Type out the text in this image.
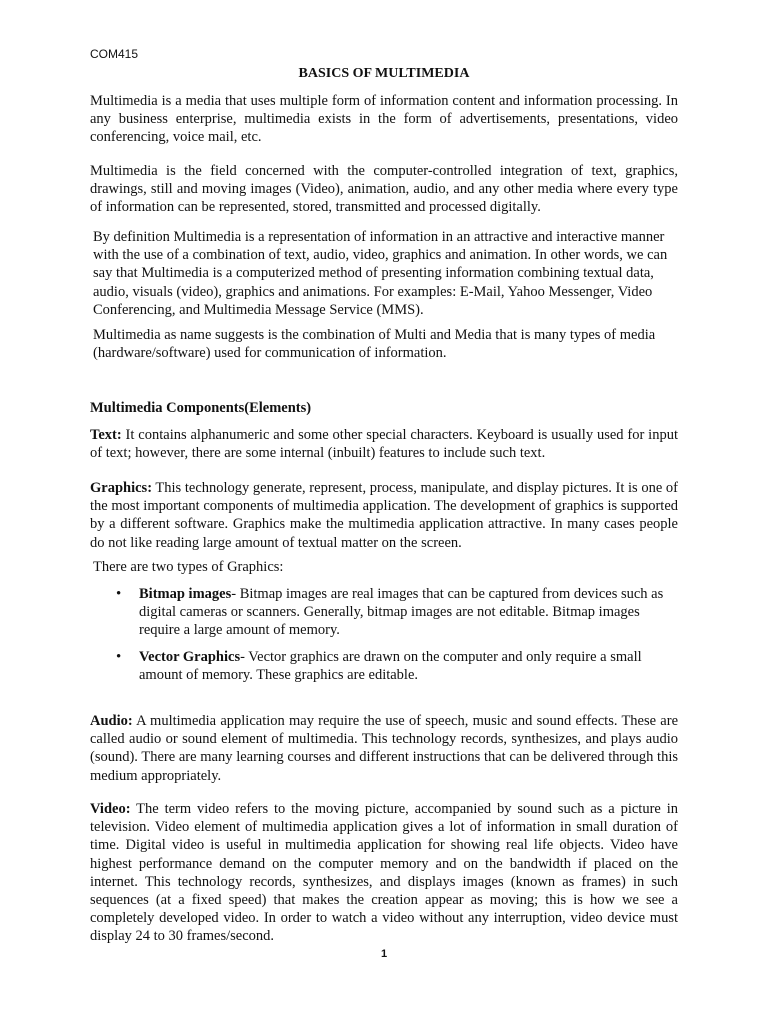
COM415
BASICS OF MULTIMEDIA

Multimedia is a media that uses multiple form of information content and information processing. In any business enterprise, multimedia exists in the form of advertisements, presentations, video conferencing, voice mail, etc.

Multimedia is the field concerned with the computer-controlled integration of text, graphics, drawings, still and moving images (Video), animation, audio, and any other media where every type of information can be represented, stored, transmitted and processed digitally.

By definition Multimedia is a representation of information in an attractive and interactive manner with the use of a combination of text, audio, video, graphics and animation. In other words, we can say that Multimedia is a computerized method of presenting information combining textual data, audio, visuals (video), graphics and animations. For examples: E-Mail, Yahoo Messenger, Video Conferencing, and Multimedia Message Service (MMS).

Multimedia as name suggests is the combination of Multi and Media that is many types of media (hardware/software) used for communication of information.

Multimedia Components(Elements)

Text: It contains alphanumeric and some other special characters. Keyboard is usually used for input of text; however, there are some internal (inbuilt) features to include such text.

Graphics: This technology generate, represent, process, manipulate, and display pictures. It is one of the most important components of multimedia application. The development of graphics is supported by a different software. Graphics make the multimedia application attractive. In many cases people do not like reading large amount of textual matter on the screen.

There are two types of Graphics:

• Bitmap images- Bitmap images are real images that can be captured from devices such as digital cameras or scanners. Generally, bitmap images are not editable. Bitmap images require a large amount of memory.

• Vector Graphics- Vector graphics are drawn on the computer and only require a small amount of memory. These graphics are editable.

Audio: A multimedia application may require the use of speech, music and sound effects. These are called audio or sound element of multimedia. This technology records, synthesizes, and plays audio (sound). There are many learning courses and different instructions that can be delivered through this medium appropriately.

Video: The term video refers to the moving picture, accompanied by sound such as a picture in television. Video element of multimedia application gives a lot of information in small duration of time. Digital video is useful in multimedia application for showing real life objects. Video have highest performance demand on the computer memory and on the bandwidth if placed on the internet. This technology records, synthesizes, and displays images (known as frames) in such sequences (at a fixed speed) that makes the creation appear as moving; this is how we see a completely developed video. In order to watch a video without any interruption, video device must display 24 to 30 frames/second.

1
